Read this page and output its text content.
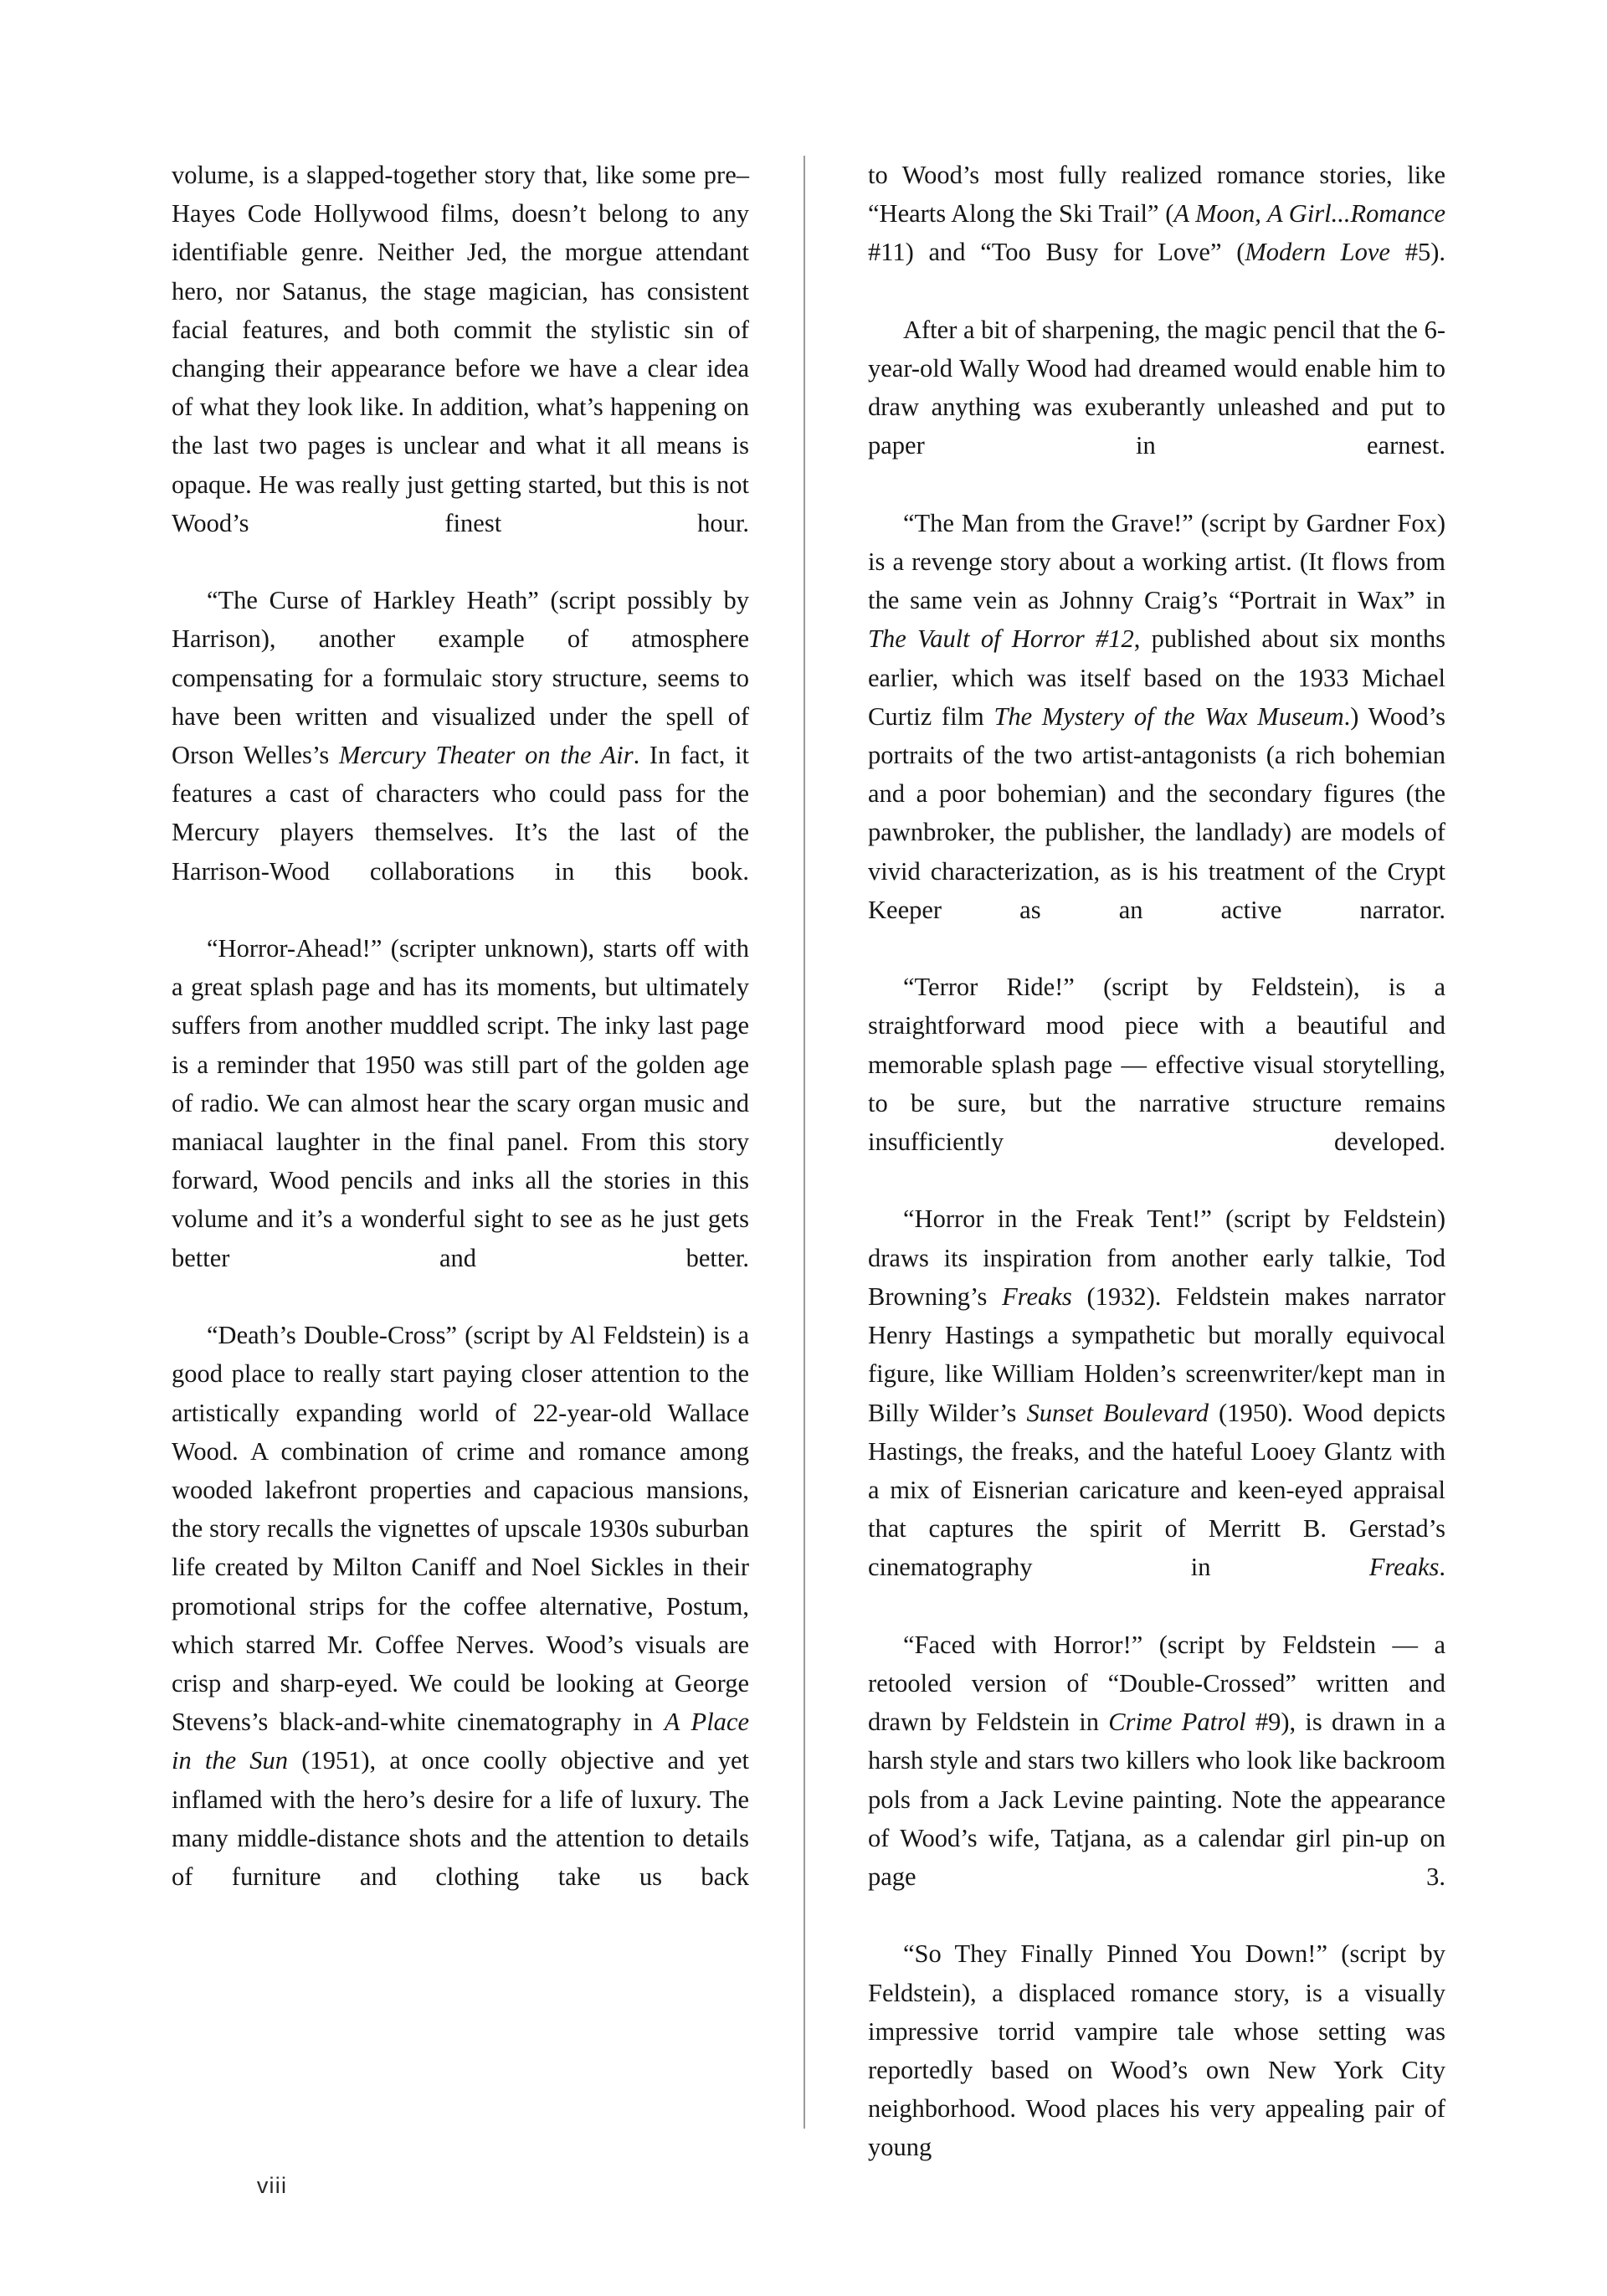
volume, is a slapped-together story that, like some pre–Hayes Code Hollywood films, doesn’t belong to any identifiable genre. Neither Jed, the morgue attendant hero, nor Satanus, the stage magician, has consistent facial features, and both commit the stylistic sin of changing their appearance before we have a clear idea of what they look like. In addition, what’s happening on the last two pages is unclear and what it all means is opaque. He was really just getting started, but this is not Wood’s finest hour.

“The Curse of Harkley Heath” (script possibly by Harrison), another example of atmosphere compensating for a formulaic story structure, seems to have been written and visualized under the spell of Orson Welles’s Mercury Theater on the Air. In fact, it features a cast of characters who could pass for the Mercury players themselves. It’s the last of the Harrison-Wood collaborations in this book.

“Horror-Ahead!” (scripter unknown), starts off with a great splash page and has its moments, but ultimately suffers from another muddled script. The inky last page is a reminder that 1950 was still part of the golden age of radio. We can almost hear the scary organ music and maniacal laughter in the final panel. From this story forward, Wood pencils and inks all the stories in this volume and it’s a wonderful sight to see as he just gets better and better.

“Death’s Double-Cross” (script by Al Feldstein) is a good place to really start paying closer attention to the artistically expanding world of 22-year-old Wallace Wood. A combination of crime and romance among wooded lakefront properties and capacious mansions, the story recalls the vignettes of upscale 1930s suburban life created by Milton Caniff and Noel Sickles in their promotional strips for the coffee alternative, Postum, which starred Mr. Coffee Nerves. Wood’s visuals are crisp and sharp-eyed. We could be looking at George Stevens’s black-and-white cinematography in A Place in the Sun (1951), at once coolly objective and yet inflamed with the hero’s desire for a life of luxury. The many middle-distance shots and the attention to details of furniture and clothing take us back

to Wood’s most fully realized romance stories, like “Hearts Along the Ski Trail” (A Moon, A Girl...Romance #11) and “Too Busy for Love” (Modern Love #5).

After a bit of sharpening, the magic pencil that the 6-year-old Wally Wood had dreamed would enable him to draw anything was exuberantly unleashed and put to paper in earnest.

“The Man from the Grave!” (script by Gardner Fox) is a revenge story about a working artist. (It flows from the same vein as Johnny Craig’s “Portrait in Wax” in The Vault of Horror #12, published about six months earlier, which was itself based on the 1933 Michael Curtiz film The Mystery of the Wax Museum.) Wood’s portraits of the two artist-antagonists (a rich bohemian and a poor bohemian) and the secondary figures (the pawnbroker, the publisher, the landlady) are models of vivid characterization, as is his treatment of the Crypt Keeper as an active narrator.

“Terror Ride!” (script by Feldstein), is a straightforward mood piece with a beautiful and memorable splash page — effective visual storytelling, to be sure, but the narrative structure remains insufficiently developed.

“Horror in the Freak Tent!” (script by Feldstein) draws its inspiration from another early talkie, Tod Browning’s Freaks (1932). Feldstein makes narrator Henry Hastings a sympathetic but morally equivocal figure, like William Holden’s screenwriter/kept man in Billy Wilder’s Sunset Boulevard (1950). Wood depicts Hastings, the freaks, and the hateful Looey Glantz with a mix of Eisnerian caricature and keen-eyed appraisal that captures the spirit of Merritt B. Gerstad’s cinematography in Freaks.

“Faced with Horror!” (script by Feldstein — a retooled version of “Double-Crossed” written and drawn by Feldstein in Crime Patrol #9), is drawn in a harsh style and stars two killers who look like backroom pols from a Jack Levine painting. Note the appearance of Wood’s wife, Tatjana, as a calendar girl pin-up on page 3.

“So They Finally Pinned You Down!” (script by Feldstein), a displaced romance story, is a visually impressive torrid vampire tale whose setting was reportedly based on Wood’s own New York City neighborhood. Wood places his very appealing pair of young

viii
